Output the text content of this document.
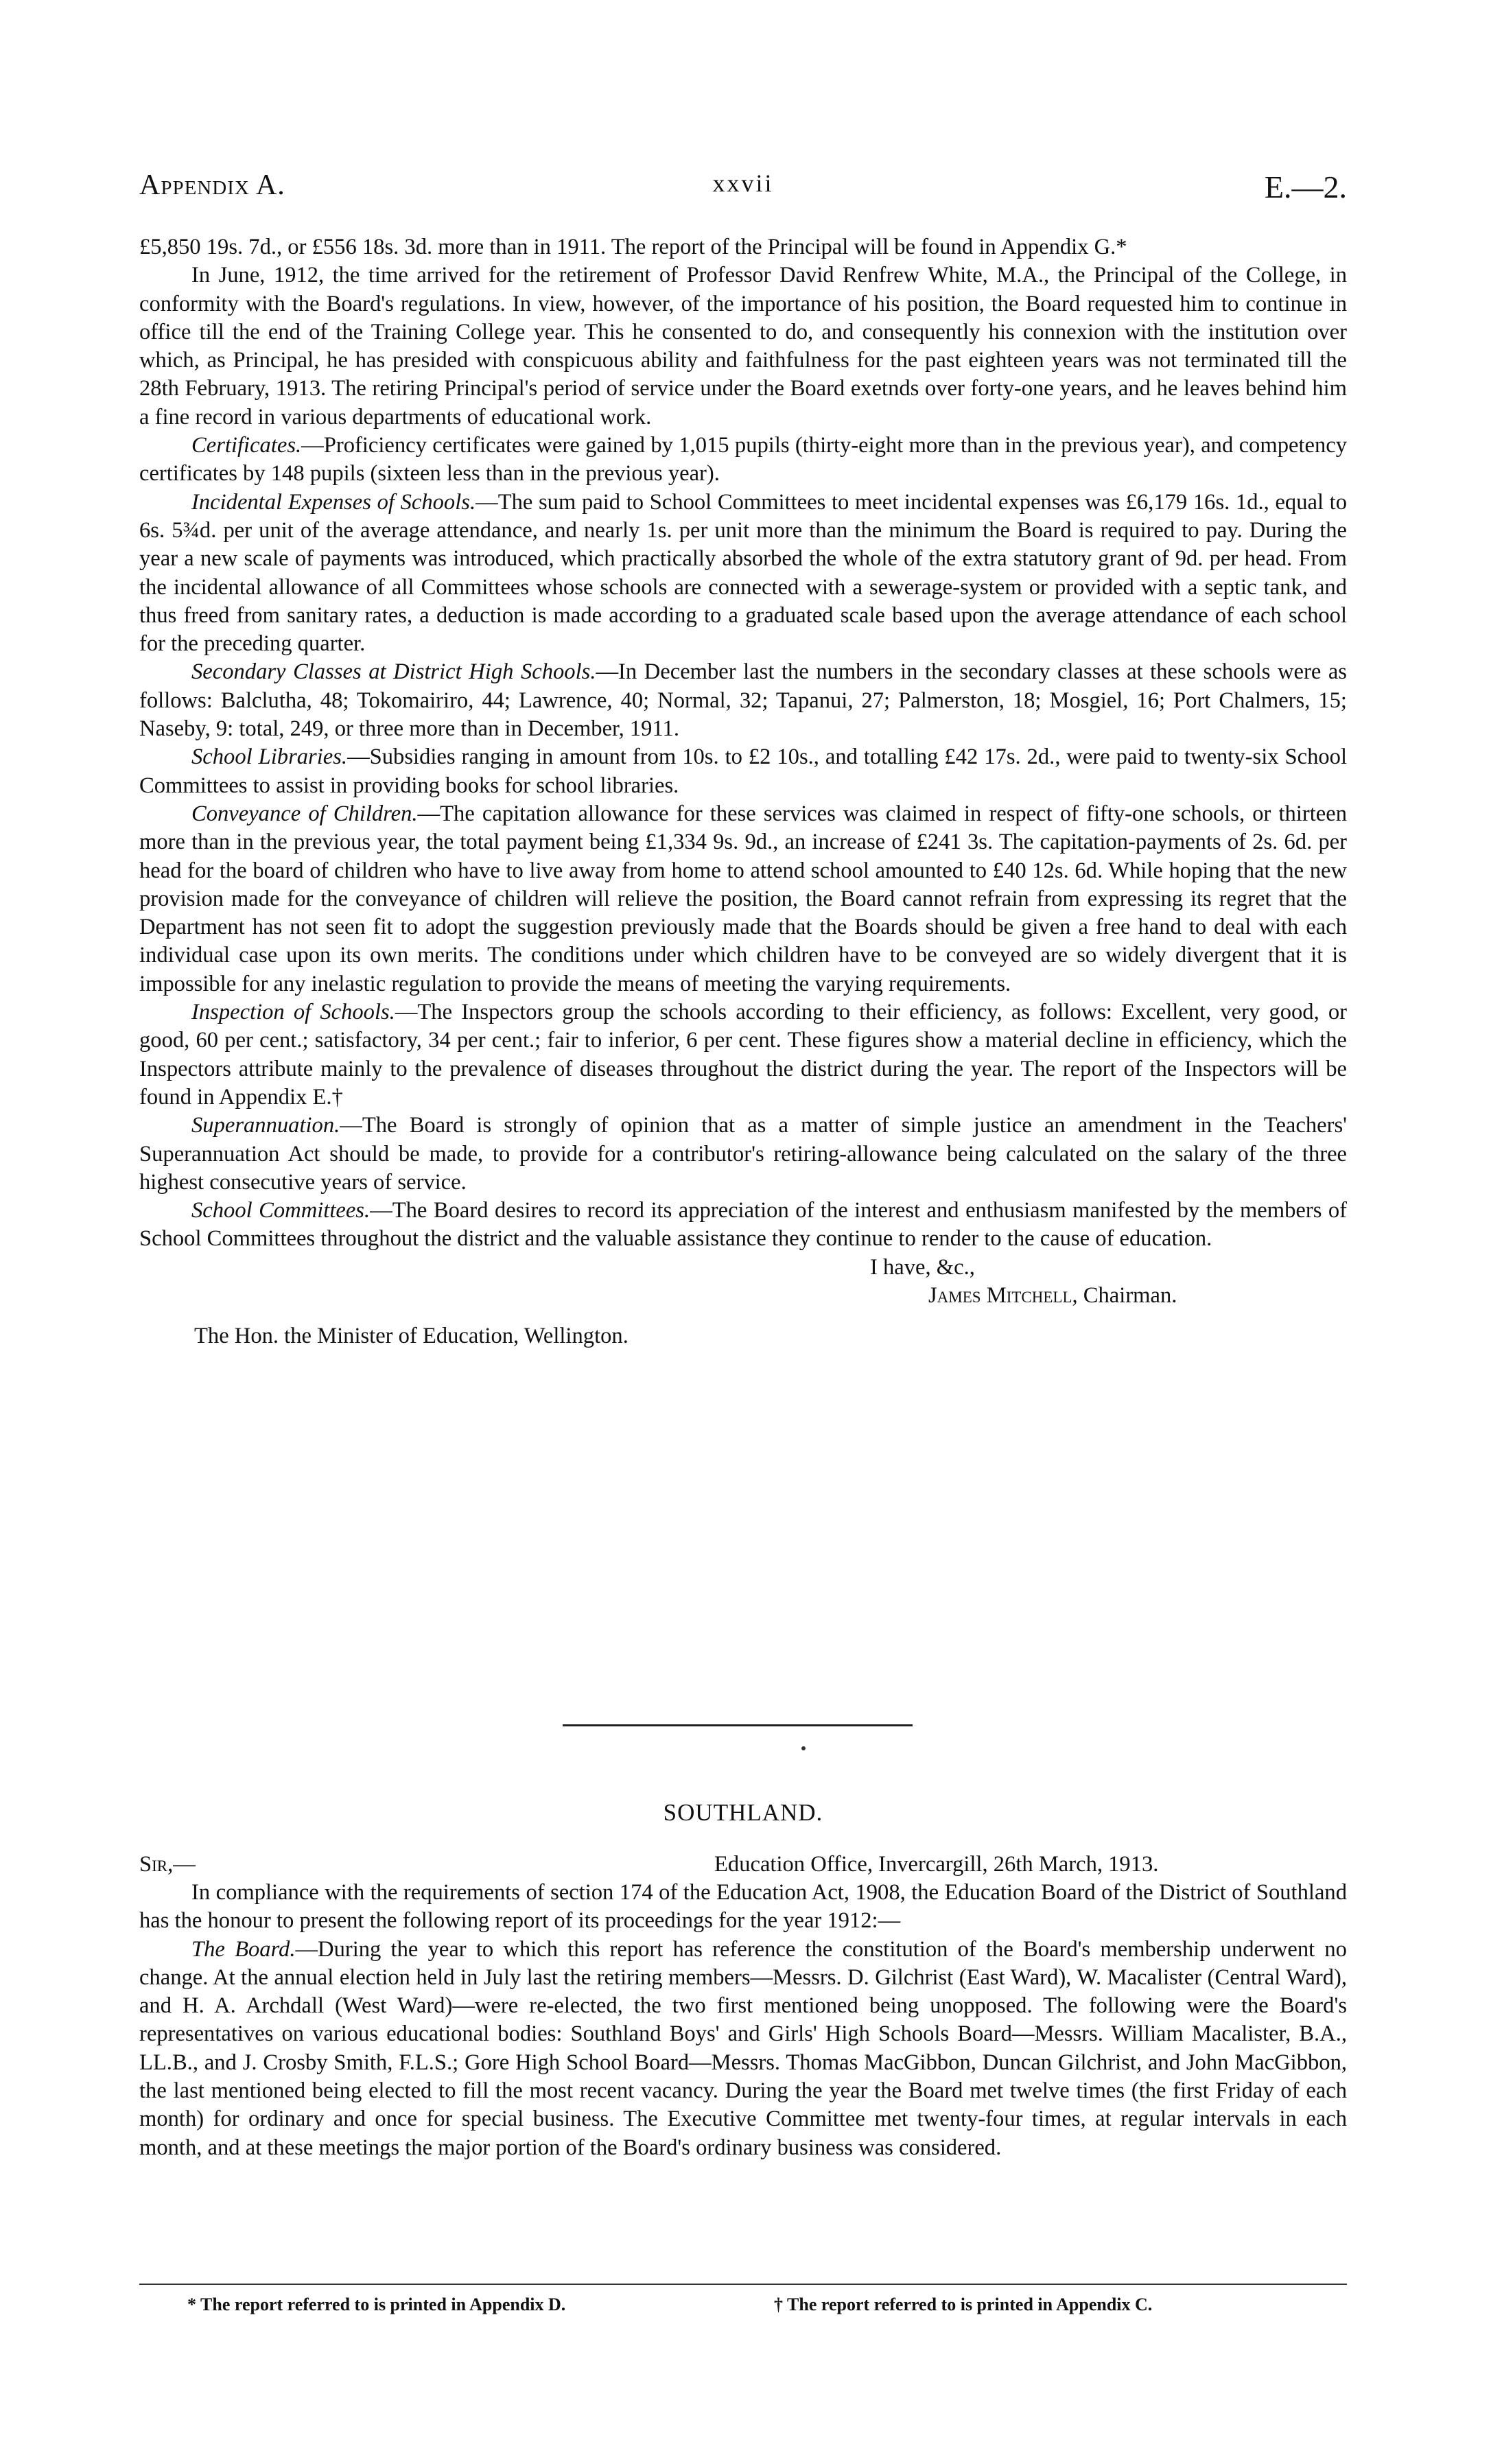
Appendix A.	xxvii	E.—2.

£5,850 19s. 7d., or £556 18s. 3d. more than in 1911. The report of the Principal will be found in Appendix G.*

In June, 1912, the time arrived for the retirement of Professor David Renfrew White, M.A., the Principal of the College, in conformity with the Board's regulations. In view, however, of the importance of his position, the Board requested him to continue in office till the end of the Training College year. This he consented to do, and consequently his connexion with the institution over which, as Principal, he has presided with conspicuous ability and faithfulness for the past eighteen years was not terminated till the 28th February, 1913. The retiring Principal's period of service under the Board exetnds over forty-one years, and he leaves behind him a fine record in various departments of educational work.

Certificates.—Proficiency certificates were gained by 1,015 pupils (thirty-eight more than in the previous year), and competency certificates by 148 pupils (sixteen less than in the previous year).

Incidental Expenses of Schools.—The sum paid to School Committees to meet incidental expenses was £6,179 16s. 1d., equal to 6s. 5¾d. per unit of the average attendance, and nearly 1s. per unit more than the minimum the Board is required to pay. During the year a new scale of payments was introduced, which practically absorbed the whole of the extra statutory grant of 9d. per head. From the incidental allowance of all Committees whose schools are connected with a sewerage-system or provided with a septic tank, and thus freed from sanitary rates, a deduction is made according to a graduated scale based upon the average attendance of each school for the preceding quarter.

Secondary Classes at District High Schools.—In December last the numbers in the secondary classes at these schools were as follows: Balclutha, 48; Tokomairiro, 44; Lawrence, 40; Normal, 32; Tapanui, 27; Palmerston, 18; Mosgiel, 16; Port Chalmers, 15; Naseby, 9: total, 249, or three more than in December, 1911.

School Libraries.—Subsidies ranging in amount from 10s. to £2 10s., and totalling £42 17s. 2d., were paid to twenty-six School Committees to assist in providing books for school libraries.

Conveyance of Children.—The capitation allowance for these services was claimed in respect of fifty-one schools, or thirteen more than in the previous year, the total payment being £1,334 9s. 9d., an increase of £241 3s. The capitation-payments of 2s. 6d. per head for the board of children who have to live away from home to attend school amounted to £40 12s. 6d. While hoping that the new provision made for the conveyance of children will relieve the position, the Board cannot refrain from expressing its regret that the Department has not seen fit to adopt the suggestion previously made that the Boards should be given a free hand to deal with each individual case upon its own merits. The conditions under which children have to be conveyed are so widely divergent that it is impossible for any inelastic regulation to provide the means of meeting the varying requirements.

Inspection of Schools.—The Inspectors group the schools according to their efficiency, as follows: Excellent, very good, or good, 60 per cent.; satisfactory, 34 per cent.; fair to inferior, 6 per cent. These figures show a material decline in efficiency, which the Inspectors attribute mainly to the prevalence of diseases throughout the district during the year. The report of the Inspectors will be found in Appendix E.†

Superannuation.—The Board is strongly of opinion that as a matter of simple justice an amendment in the Teachers' Superannuation Act should be made, to provide for a contributor's retiring-allowance being calculated on the salary of the three highest consecutive years of service.

School Committees.—The Board desires to record its appreciation of the interest and enthusiasm manifested by the members of School Committees throughout the district and the valuable assistance they continue to render to the cause of education.

I have, &c.,
James Mitchell, Chairman.
The Hon. the Minister of Education, Wellington.
SOUTHLAND.
Sir,—	Education Office, Invercargill, 26th March, 1913.

In compliance with the requirements of section 174 of the Education Act, 1908, the Education Board of the District of Southland has the honour to present the following report of its proceedings for the year 1912:—

The Board.—During the year to which this report has reference the constitution of the Board's membership underwent no change. At the annual election held in July last the retiring members—Messrs. D. Gilchrist (East Ward), W. Macalister (Central Ward), and H. A. Archdall (West Ward)—were re-elected, the two first mentioned being unopposed. The following were the Board's representatives on various educational bodies: Southland Boys' and Girls' High Schools Board—Messrs. William Macalister, B.A., LL.B., and J. Crosby Smith, F.L.S.; Gore High School Board—Messrs. Thomas MacGibbon, Duncan Gilchrist, and John MacGibbon, the last mentioned being elected to fill the most recent vacancy. During the year the Board met twelve times (the first Friday of each month) for ordinary and once for special business. The Executive Committee met twenty-four times, at regular intervals in each month, and at these meetings the major portion of the Board's ordinary business was considered.

* The report referred to is printed in Appendix D.	† The report referred to is printed in Appendix C.
